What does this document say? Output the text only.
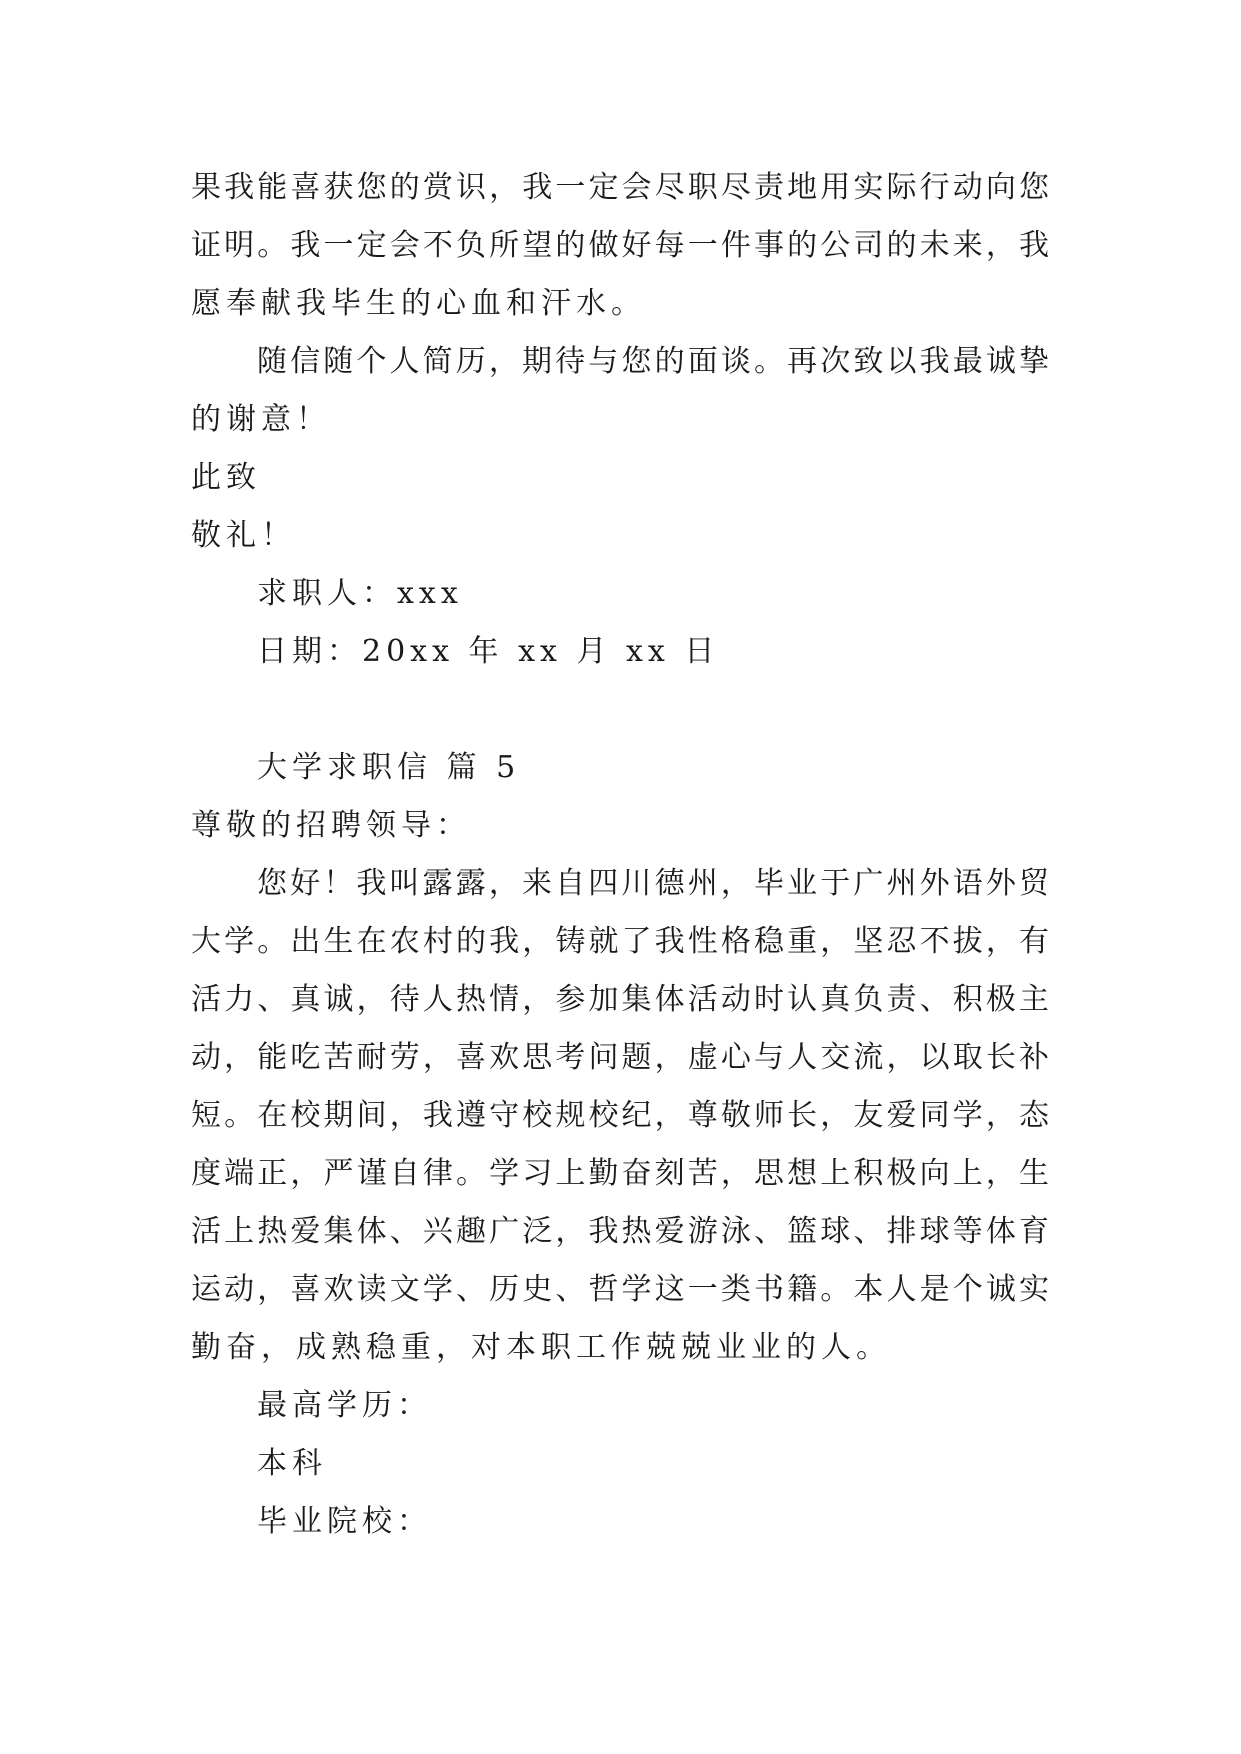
果我能喜获您的赏识，我一定会尽职尽责地用实际行动向您
证明。我一定会不负所望的做好每一件事的公司的未来，我
愿奉献我毕生的心血和汗水。
随信随个人简历，期待与您的面谈。再次致以我最诚挚
的谢意！
此致
敬礼！
求职人：xxx
日期：20xx 年 xx 月 xx 日
大学求职信 篇 5
尊敬的招聘领导：
您好！我叫露露，来自四川德州，毕业于广州外语外贸
大学。出生在农村的我，铸就了我性格稳重，坚忍不拔，有
活力、真诚，待人热情，参加集体活动时认真负责、积极主
动，能吃苦耐劳，喜欢思考问题，虚心与人交流，以取长补
短。在校期间，我遵守校规校纪，尊敬师长，友爱同学，态
度端正，严谨自律。学习上勤奋刻苦，思想上积极向上，生
活上热爱集体、兴趣广泛，我热爱游泳、篮球、排球等体育
运动，喜欢读文学、历史、哲学这一类书籍。本人是个诚实
勤奋，成熟稳重，对本职工作兢兢业业的人。
最高学历：
本科
毕业院校：
